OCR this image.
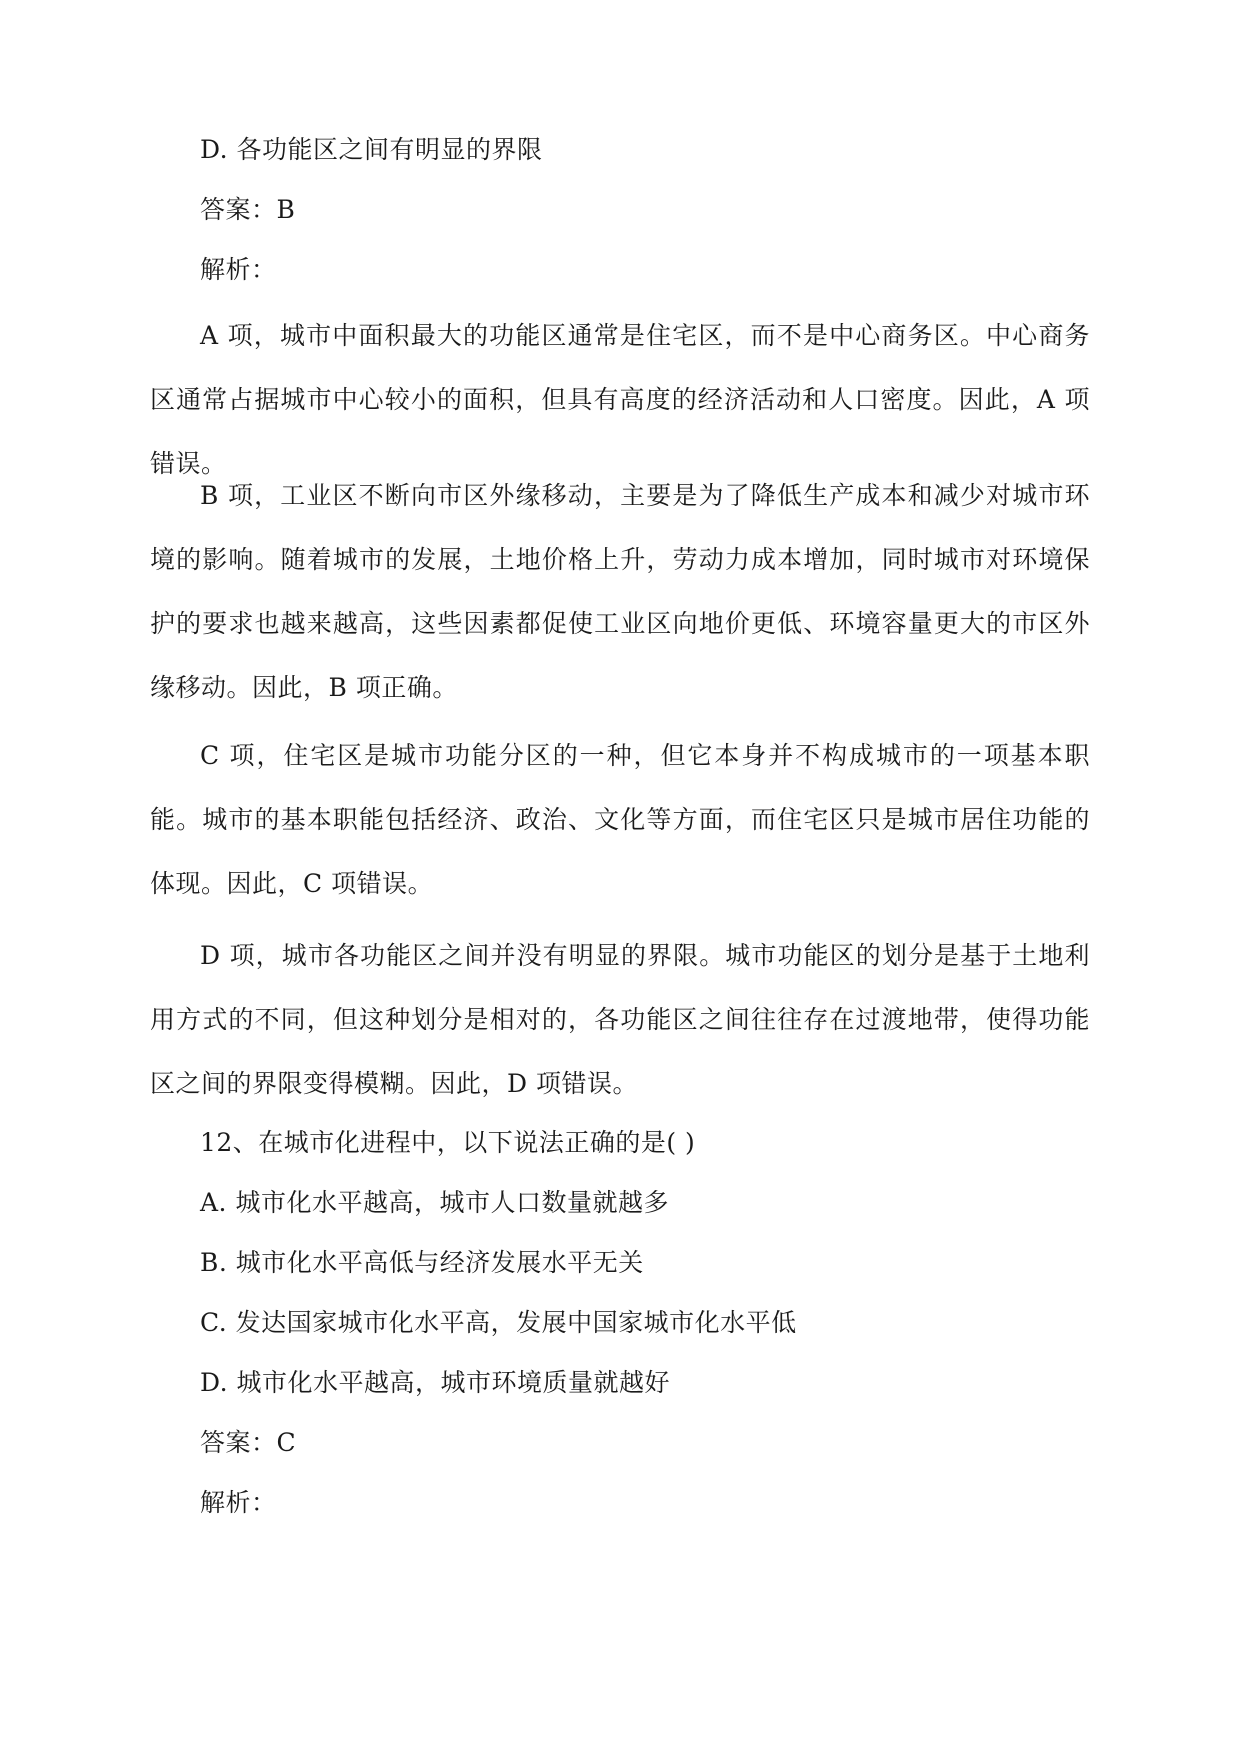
D. 各功能区之间有明显的界限
答案：B
解析：

A 项，城市中面积最大的功能区通常是住宅区，而不是中心商务区。中心商务区通常占据城市中心较小的面积，但具有高度的经济活动和人口密度。因此，A 项错误。

B 项，工业区不断向市区外缘移动，主要是为了降低生产成本和减少对城市环境的影响。随着城市的发展，土地价格上升，劳动力成本增加，同时城市对环境保护的要求也越来越高，这些因素都促使工业区向地价更低、环境容量更大的市区外缘移动。因此，B 项正确。

C 项，住宅区是城市功能分区的一种，但它本身并不构成城市的一项基本职能。城市的基本职能包括经济、政治、文化等方面，而住宅区只是城市居住功能的体现。因此，C 项错误。

D 项，城市各功能区之间并没有明显的界限。城市功能区的划分是基于土地利用方式的不同，但这种划分是相对的，各功能区之间往往存在过渡地带，使得功能区之间的界限变得模糊。因此，D 项错误。

12、在城市化进程中，以下说法正确的是( )
A. 城市化水平越高，城市人口数量就越多
B. 城市化水平高低与经济发展水平无关
C. 发达国家城市化水平高，发展中国家城市化水平低
D. 城市化水平越高，城市环境质量就越好
答案：C
解析：
